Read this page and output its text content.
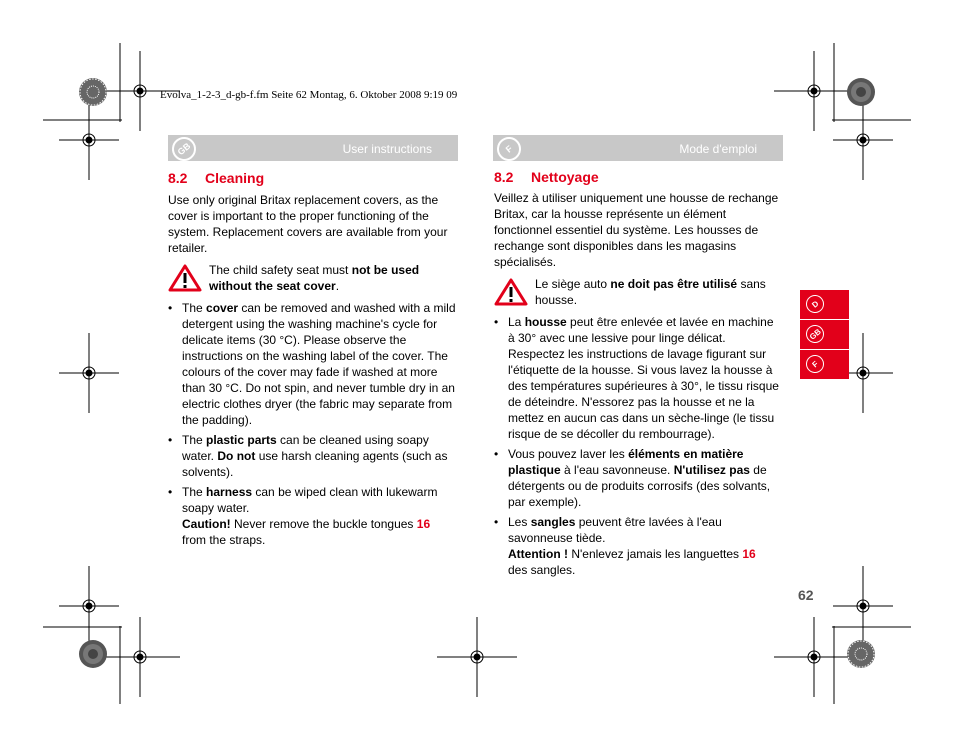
Evolva_1-2-3_d-gb-f.fm Seite 62 Montag, 6. Oktober 2008 9:19 09
GB	User instructions
8.2 Cleaning

Use only original Britax replacement covers, as the cover is important to the proper functioning of the system. Replacement covers are available from your retailer.

The child safety seat must not be used without the seat cover.
• The cover can be removed and washed with a mild detergent using the washing machine's cycle for delicate items (30 °C). Please observe the instructions on the washing label of the cover. The colours of the cover may fade if washed at more than 30 °C. Do not spin, and never tumble dry in an electric clothes dryer (the fabric may separate from the padding).
• The plastic parts can be cleaned using soapy water. Do not use harsh cleaning agents (such as solvents).
• The harness can be wiped clean with lukewarm soapy water.
Caution! Never remove the buckle tongues 16
from the straps.
F	Mode d'emploi
8.2 Nettoyage

Veillez à utiliser uniquement une housse de rechange Britax, car la housse représente un élément fonctionnel essentiel du système. Les housses de rechange sont disponibles dans les magasins spécialisés.

Le siège auto ne doit pas être utilisé sans housse.
• La housse peut être enlevée et lavée en machine à 30° avec une lessive pour linge délicat. Respectez les instructions de lavage figurant sur l'étiquette de la housse. Si vous lavez la housse à des températures supérieures à 30°, le tissu risque de déteindre. N'essorez pas la housse et ne la mettez en aucun cas dans un sèche-linge (le tissu risque de se décoller du rembourrage).
• Vous pouvez laver les éléments en matière plastique à l'eau savonneuse. N'utilisez pas de détergents ou de produits corrosifs (des solvants, par exemple).
• Les sangles peuvent être lavées à l'eau savonneuse tiède.
Attention ! N'enlevez jamais les languettes 16
des sangles.
D
GB
F
62
